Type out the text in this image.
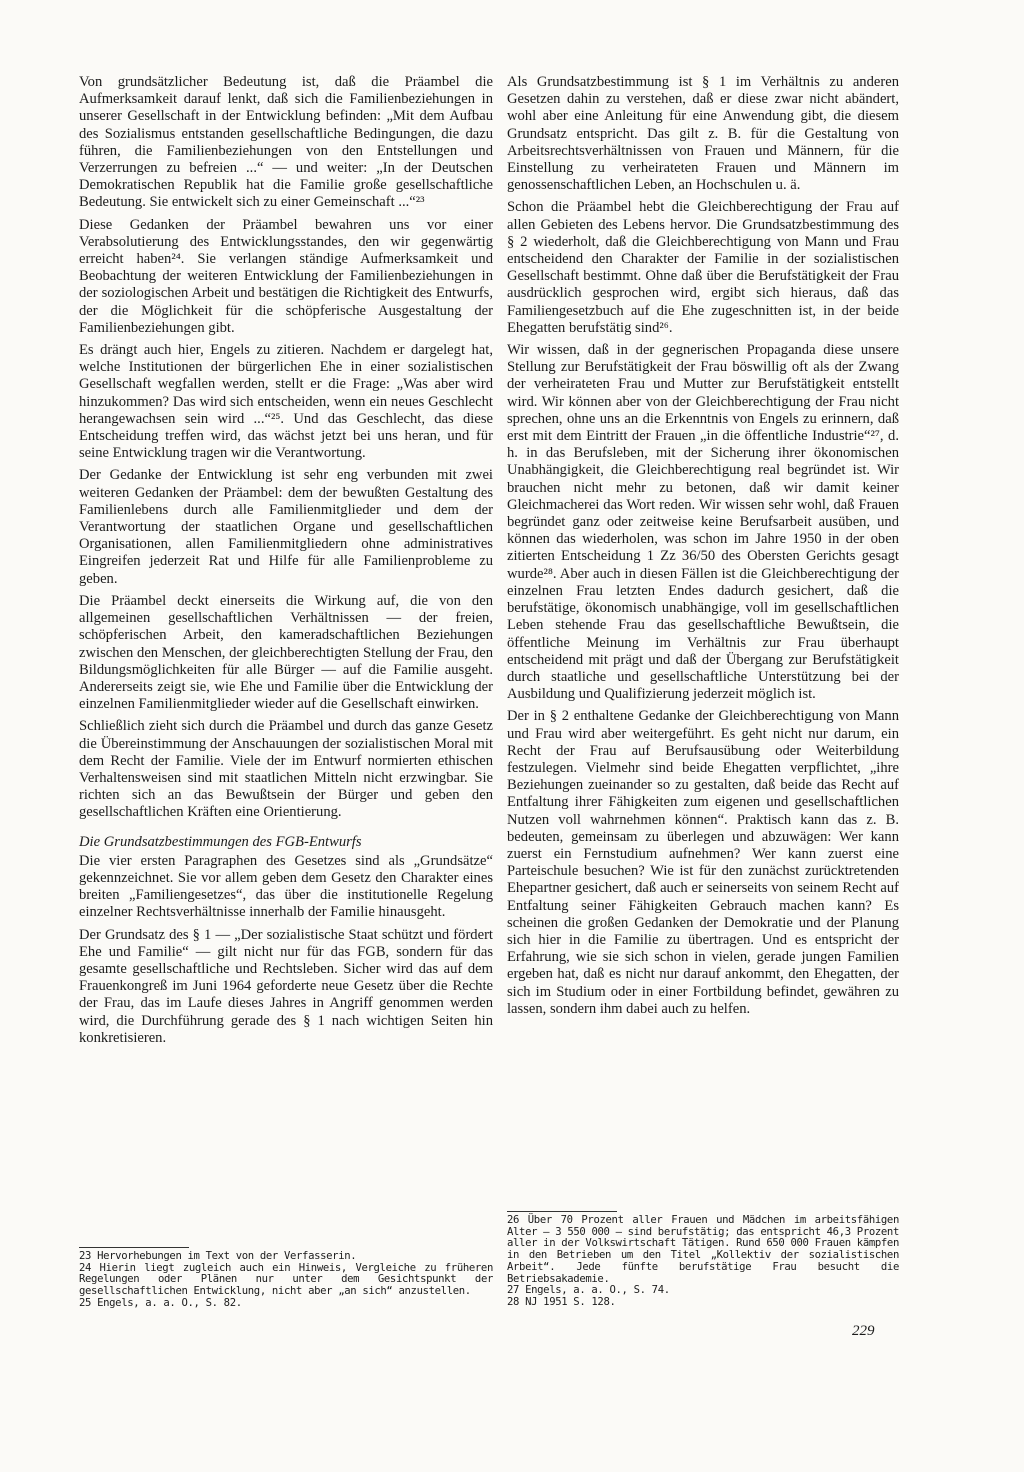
Von grundsätzlicher Bedeutung ist, daß die Präambel die Aufmerksamkeit darauf lenkt, daß sich die Familienbeziehungen in unserer Gesellschaft in der Entwicklung befinden: „Mit dem Aufbau des Sozialismus entstanden gesellschaftliche Bedingungen, die dazu führen, die Familienbeziehungen von den Entstellungen und Verzerrungen zu befreien ...“ — und weiter: „In der Deutschen Demokratischen Republik hat die Familie große gesellschaftliche Bedeutung. Sie entwickelt sich zu einer Gemeinschaft ...“²³

Diese Gedanken der Präambel bewahren uns vor einer Verabsolutierung des Entwicklungsstandes, den wir gegenwärtig erreicht haben²⁴. Sie verlangen ständige Aufmerksamkeit und Beobachtung der weiteren Entwicklung der Familienbeziehungen in der soziologischen Arbeit und bestätigen die Richtigkeit des Entwurfs, der die Möglichkeit für die schöpferische Ausgestaltung der Familienbeziehungen gibt.

Es drängt auch hier, Engels zu zitieren. Nachdem er dargelegt hat, welche Institutionen der bürgerlichen Ehe in einer sozialistischen Gesellschaft wegfallen werden, stellt er die Frage: „Was aber wird hinzukommen? Das wird sich entscheiden, wenn ein neues Geschlecht herangewachsen sein wird ...“²⁵. Und das Geschlecht, das diese Entscheidung treffen wird, das wächst jetzt bei uns heran, und für seine Entwicklung tragen wir die Verantwortung.

Der Gedanke der Entwicklung ist sehr eng verbunden mit zwei weiteren Gedanken der Präambel: dem der bewußten Gestaltung des Familienlebens durch alle Familienmitglieder und dem der Verantwortung der staatlichen Organe und gesellschaftlichen Organisationen, allen Familienmitgliedern ohne administratives Eingreifen jederzeit Rat und Hilfe für alle Familienprobleme zu geben.

Die Präambel deckt einerseits die Wirkung auf, die von den allgemeinen gesellschaftlichen Verhältnissen — der freien, schöpferischen Arbeit, den kameradschaftlichen Beziehungen zwischen den Menschen, der gleichberechtigten Stellung der Frau, den Bildungsmöglichkeiten für alle Bürger — auf die Familie ausgeht. Andererseits zeigt sie, wie Ehe und Familie über die Entwicklung der einzelnen Familienmitglieder wieder auf die Gesellschaft einwirken.

Schließlich zieht sich durch die Präambel und durch das ganze Gesetz die Übereinstimmung der Anschauungen der sozialistischen Moral mit dem Recht der Familie. Viele der im Entwurf normierten ethischen Verhaltensweisen sind mit staatlichen Mitteln nicht erzwingbar. Sie richten sich an das Bewußtsein der Bürger und geben den gesellschaftlichen Kräften eine Orientierung.

Die Grundsatzbestimmungen des FGB-Entwurfs

Die vier ersten Paragraphen des Gesetzes sind als „Grundsätze“ gekennzeichnet. Sie vor allem geben dem Gesetz den Charakter eines breiten „Familiengesetzes“, das über die institutionelle Regelung einzelner Rechtsverhältnisse innerhalb der Familie hinausgeht.

Der Grundsatz des § 1 — „Der sozialistische Staat schützt und fördert Ehe und Familie“ — gilt nicht nur für das FGB, sondern für das gesamte gesellschaftliche und Rechtsleben. Sicher wird das auf dem Frauenkongreß im Juni 1964 geforderte neue Gesetz über die Rechte der Frau, das im Laufe dieses Jahres in Angriff genommen werden wird, die Durchführung gerade des § 1 nach wichtigen Seiten hin konkretisieren.

Als Grundsatzbestimmung ist § 1 im Verhältnis zu anderen Gesetzen dahin zu verstehen, daß er diese zwar nicht abändert, wohl aber eine Anleitung für eine Anwendung gibt, die diesem Grundsatz entspricht. Das gilt z. B. für die Gestaltung von Arbeitsrechtsverhältnissen von Frauen und Männern, für die Einstellung zu verheirateten Frauen und Männern im genossenschaftlichen Leben, an Hochschulen u. ä.

Schon die Präambel hebt die Gleichberechtigung der Frau auf allen Gebieten des Lebens hervor. Die Grundsatzbestimmung des § 2 wiederholt, daß die Gleichberechtigung von Mann und Frau entscheidend den Charakter der Familie in der sozialistischen Gesellschaft bestimmt. Ohne daß über die Berufstätigkeit der Frau ausdrücklich gesprochen wird, ergibt sich hieraus, daß das Familiengesetzbuch auf die Ehe zugeschnitten ist, in der beide Ehegatten berufstätig sind²⁶.

Wir wissen, daß in der gegnerischen Propaganda diese unsere Stellung zur Berufstätigkeit der Frau böswillig oft als der Zwang der verheirateten Frau und Mutter zur Berufstätigkeit entstellt wird. Wir können aber von der Gleichberechtigung der Frau nicht sprechen, ohne uns an die Erkenntnis von Engels zu erinnern, daß erst mit dem Eintritt der Frauen „in die öffentliche Industrie“²⁷, d. h. in das Berufsleben, mit der Sicherung ihrer ökonomischen Unabhängigkeit, die Gleichberechtigung real begründet ist. Wir brauchen nicht mehr zu betonen, daß wir damit keiner Gleichmacherei das Wort reden. Wir wissen sehr wohl, daß Frauen begründet ganz oder zeitweise keine Berufsarbeit ausüben, und können das wiederholen, was schon im Jahre 1950 in der oben zitierten Entscheidung 1 Zz 36/50 des Obersten Gerichts gesagt wurde²⁸. Aber auch in diesen Fällen ist die Gleichberechtigung der einzelnen Frau letzten Endes dadurch gesichert, daß die berufstätige, ökonomisch unabhängige, voll im gesellschaftlichen Leben stehende Frau das gesellschaftliche Bewußtsein, die öffentliche Meinung im Verhältnis zur Frau überhaupt entscheidend mit prägt und daß der Übergang zur Berufstätigkeit durch staatliche und gesellschaftliche Unterstützung bei der Ausbildung und Qualifizierung jederzeit möglich ist.

Der in § 2 enthaltene Gedanke der Gleichberechtigung von Mann und Frau wird aber weitergeführt. Es geht nicht nur darum, ein Recht der Frau auf Berufsausübung oder Weiterbildung festzulegen. Vielmehr sind beide Ehegatten verpflichtet, „ihre Beziehungen zueinander so zu gestalten, daß beide das Recht auf Entfaltung ihrer Fähigkeiten zum eigenen und gesellschaftlichen Nutzen voll wahrnehmen können“. Praktisch kann das z. B. bedeuten, gemeinsam zu überlegen und abzuwägen: Wer kann zuerst ein Fernstudium aufnehmen? Wer kann zuerst eine Parteischule besuchen? Wie ist für den zunächst zurücktretenden Ehepartner gesichert, daß auch er seinerseits von seinem Recht auf Entfaltung seiner Fähigkeiten Gebrauch machen kann? Es scheinen die großen Gedanken der Demokratie und der Planung sich hier in die Familie zu übertragen. Und es entspricht der Erfahrung, wie sie sich schon in vielen, gerade jungen Familien ergeben hat, daß es nicht nur darauf ankommt, den Ehegatten, der sich im Studium oder in einer Fortbildung befindet, gewähren zu lassen, sondern ihm dabei auch zu helfen.

23 Hervorhebungen im Text von der Verfasserin.

24 Hierin liegt zugleich auch ein Hinweis, Vergleiche zu früheren Regelungen oder Plänen nur unter dem Gesichtspunkt der gesellschaftlichen Entwicklung, nicht aber „an sich“ anzustellen.

25 Engels, a. a. O., S. 82.

26 Über 70 Prozent aller Frauen und Mädchen im arbeitsfähigen Alter — 3 550 000 — sind berufstätig; das entspricht 46,3 Prozent aller in der Volkswirtschaft Tätigen. Rund 650 000 Frauen kämpfen in den Betrieben um den Titel „Kollektiv der sozialistischen Arbeit“. Jede fünfte berufstätige Frau besucht die Betriebsakademie.

27 Engels, a. a. O., S. 74.

28 NJ 1951 S. 128.

229
